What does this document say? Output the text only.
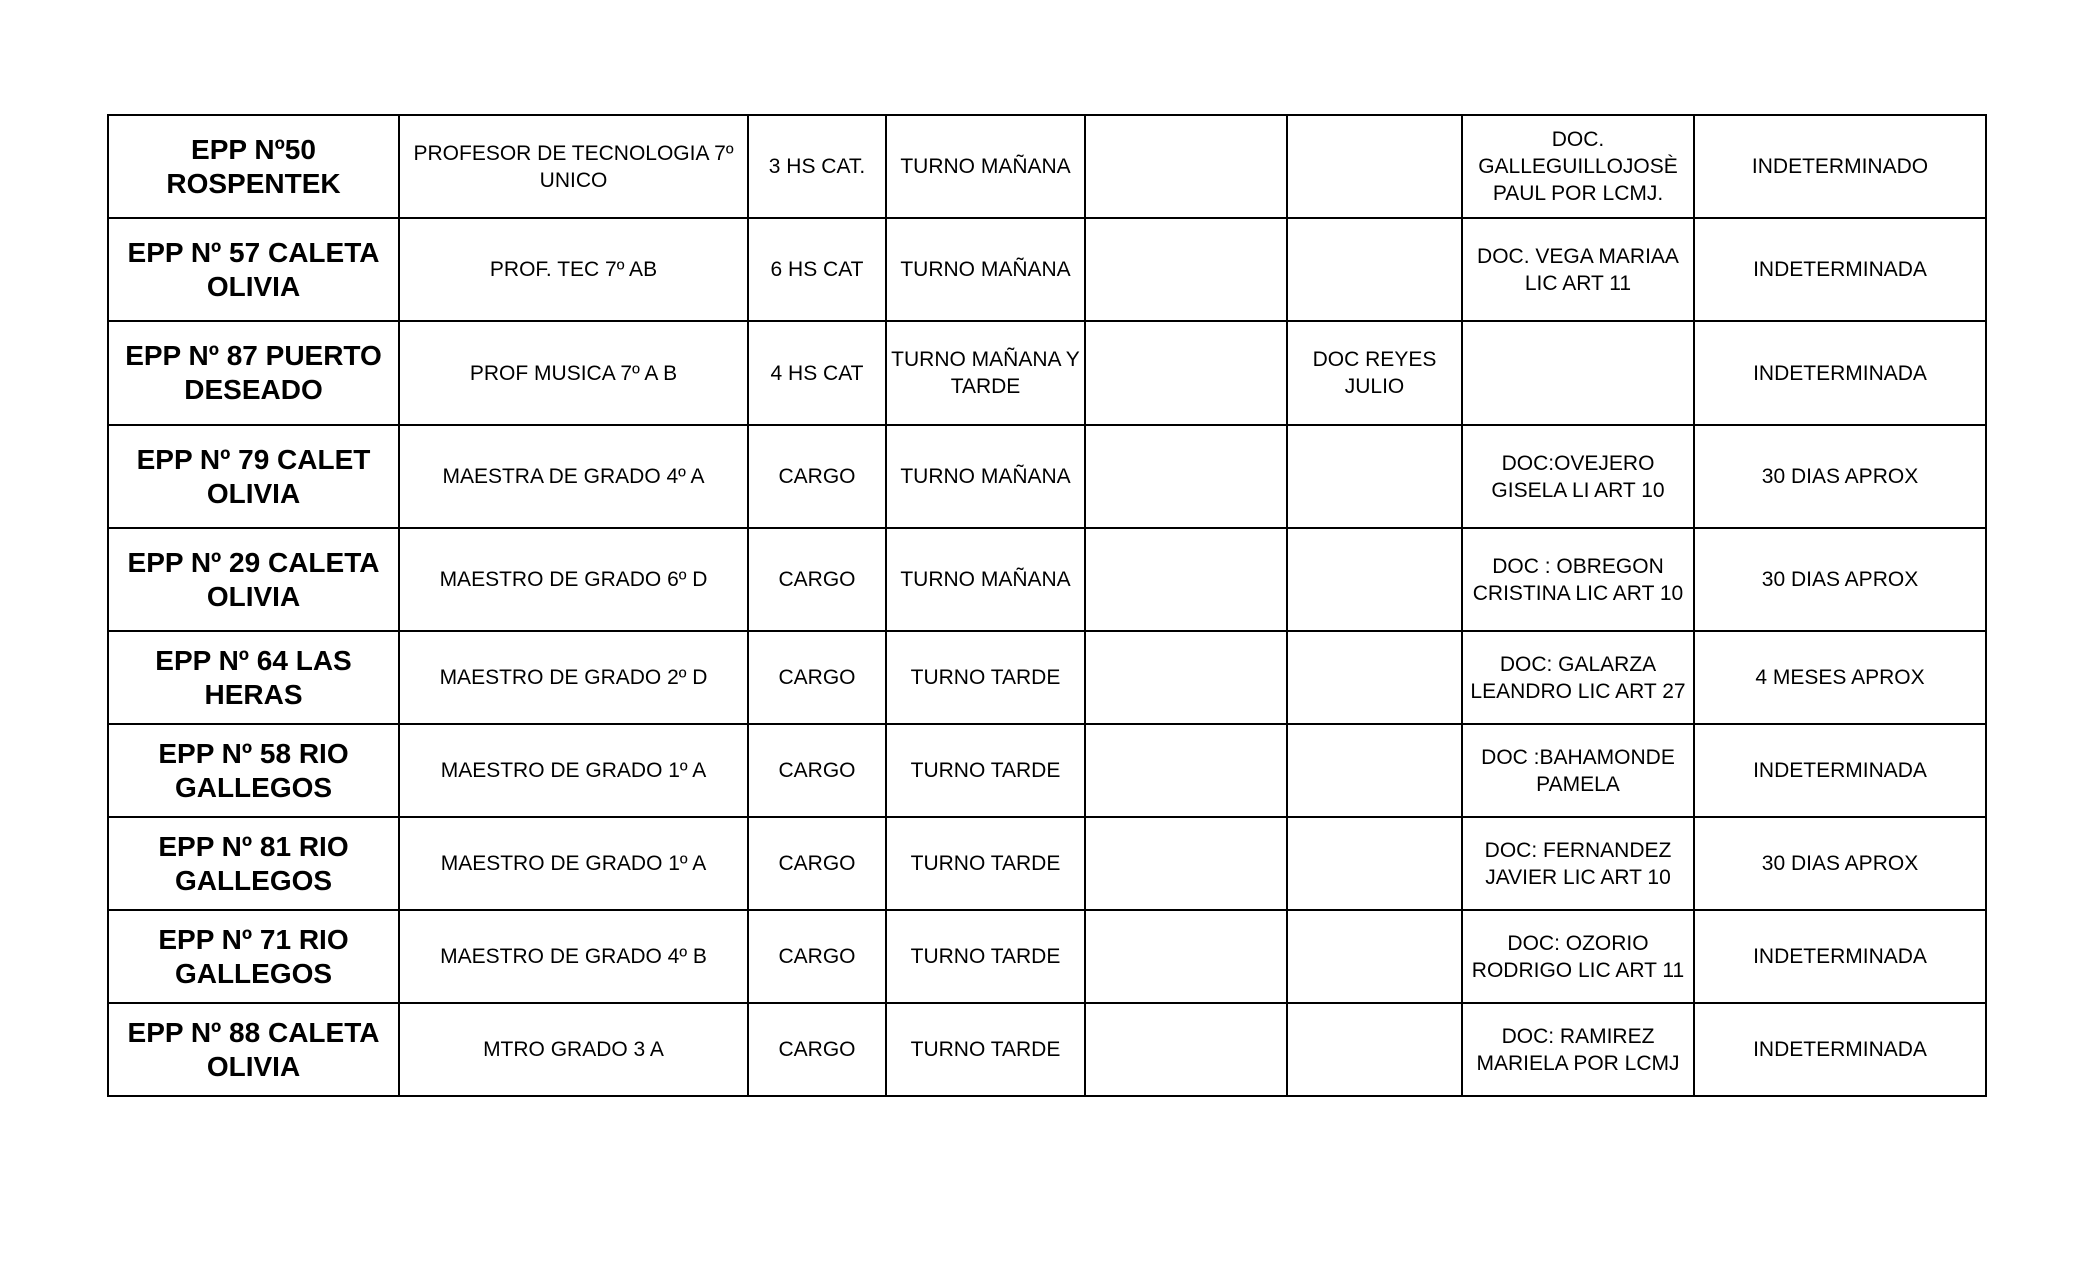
EPP Nº50 ROSPENTEK	PROFESOR DE TECNOLOGIA 7º UNICO	3 HS CAT.	TURNO MAÑANA			DOC. GALLEGUILLOJOSÈ PAUL POR LCMJ.	INDETERMINADO
EPP Nº 57 CALETA OLIVIA	PROF. TEC 7º AB	6 HS CAT	TURNO MAÑANA			DOC. VEGA MARIAA LIC ART 11	INDETERMINADA
EPP Nº 87 PUERTO DESEADO	PROF MUSICA 7º A B	4 HS CAT	TURNO MAÑANA Y TARDE		DOC REYES JULIO		INDETERMINADA
EPP Nº 79 CALET OLIVIA	MAESTRA DE GRADO 4º A	CARGO	TURNO MAÑANA			DOC:OVEJERO GISELA LI ART 10	30 DIAS APROX
EPP Nº 29 CALETA OLIVIA	MAESTRO DE GRADO 6º D	CARGO	TURNO MAÑANA			DOC : OBREGON CRISTINA LIC ART 10	30 DIAS APROX
EPP Nº 64 LAS HERAS	MAESTRO DE GRADO 2º D	CARGO	TURNO TARDE			DOC: GALARZA LEANDRO LIC ART 27	4 MESES APROX
EPP Nº 58 RIO GALLEGOS	MAESTRO DE GRADO 1º A	CARGO	TURNO TARDE			DOC :BAHAMONDE PAMELA	INDETERMINADA
EPP Nº 81 RIO GALLEGOS	MAESTRO DE GRADO 1º A	CARGO	TURNO TARDE			DOC: FERNANDEZ JAVIER LIC ART 10	30 DIAS APROX
EPP Nº 71 RIO GALLEGOS	MAESTRO DE GRADO 4º B	CARGO	TURNO TARDE			DOC: OZORIO RODRIGO LIC ART 11	INDETERMINADA
EPP Nº 88 CALETA OLIVIA	MTRO GRADO 3 A	CARGO	TURNO TARDE			DOC: RAMIREZ MARIELA POR LCMJ	INDETERMINADA
